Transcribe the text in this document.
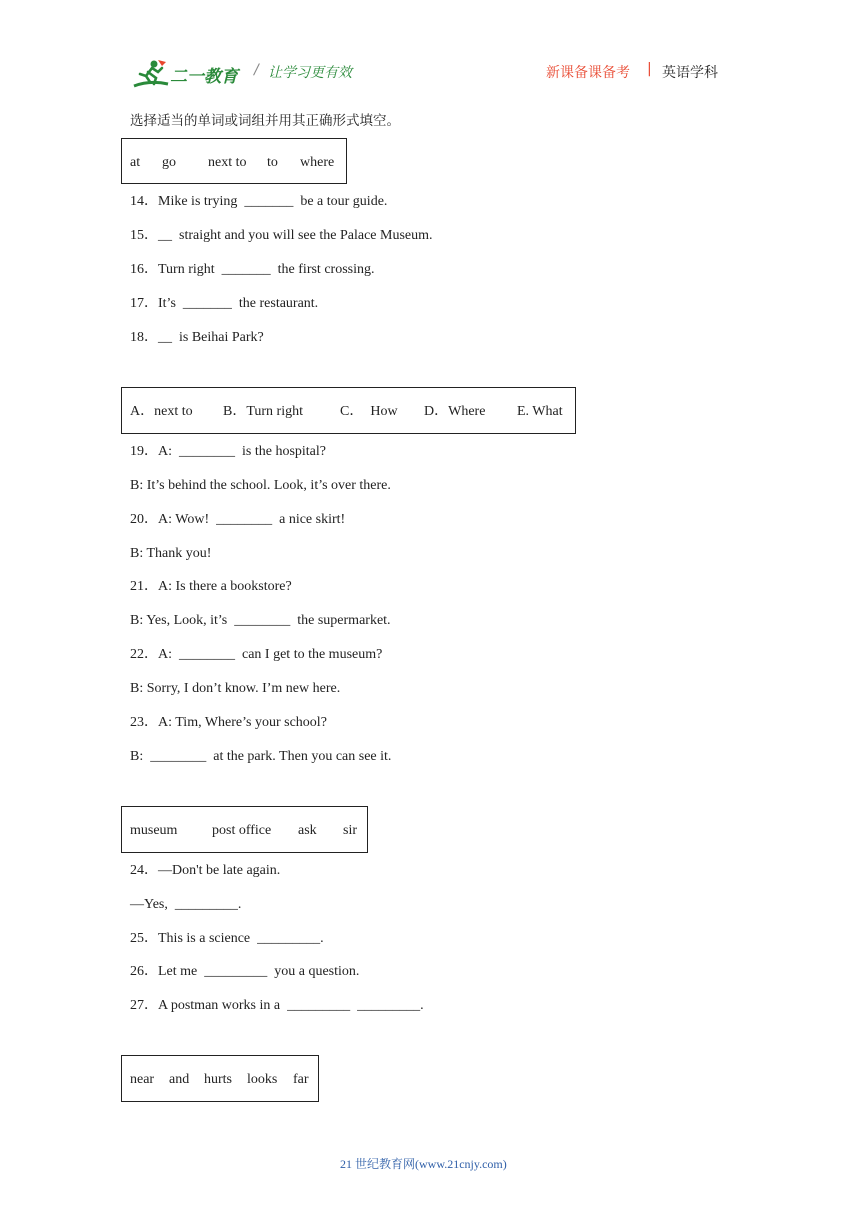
二一教育 / 让学习更有效	新课备课备考 | 英语学科
选择适当的单词或词组并用其正确形式填空。
at go next to to where
14．Mike is trying  _______  be a tour guide.
15．__  straight and you will see the Palace Museum.
16．Turn right  _______  the first crossing.
17．It’s  _______  the restaurant.
18．__  is Beihai Park?
A．next to B．Turn right	C．  How D．Where E. What
19．A:  ________  is the hospital?
B: It’s behind the school. Look, it’s over there.
20．A: Wow!  ________  a nice skirt!
B: Thank you!
21．A: Is there a bookstore?
B: Yes, Look, it’s  ________  the supermarket.
22．A:  ________  can I get to the museum?
B: Sorry, I don’t know. I’m new here.
23．A: Tim, Where’s your school?
B:  ________  at the park. Then you can see it.
museum post office ask sir
24．—Don't be late again.
—Yes,  _________.
25．This is a science  _________.
26．Let me  _________  you a question.
27．A postman works in a  _________  _________.
near and hurts looks far
21 世纪教育网(www.21cnjy.com)
